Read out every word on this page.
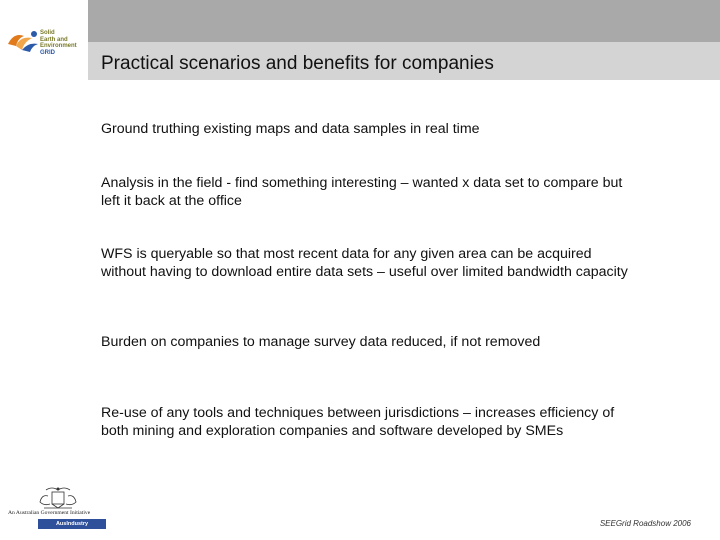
Solid
Earth and
Environment
GRID
Practical scenarios and benefits for companies
Ground truthing existing maps and data samples in real time
Analysis in the field - find something interesting – wanted x data set to compare but left it back at the office
WFS is queryable so that most recent data for any given area can be acquired without having to download entire data sets – useful over limited bandwidth capacity
Burden on companies to manage survey data reduced, if not removed
Re-use of any tools and techniques between jurisdictions – increases efficiency of both mining and exploration companies and software developed by SMEs
An Australian Government Initiative
AusIndustry	SEEGrid Roadshow 2006
